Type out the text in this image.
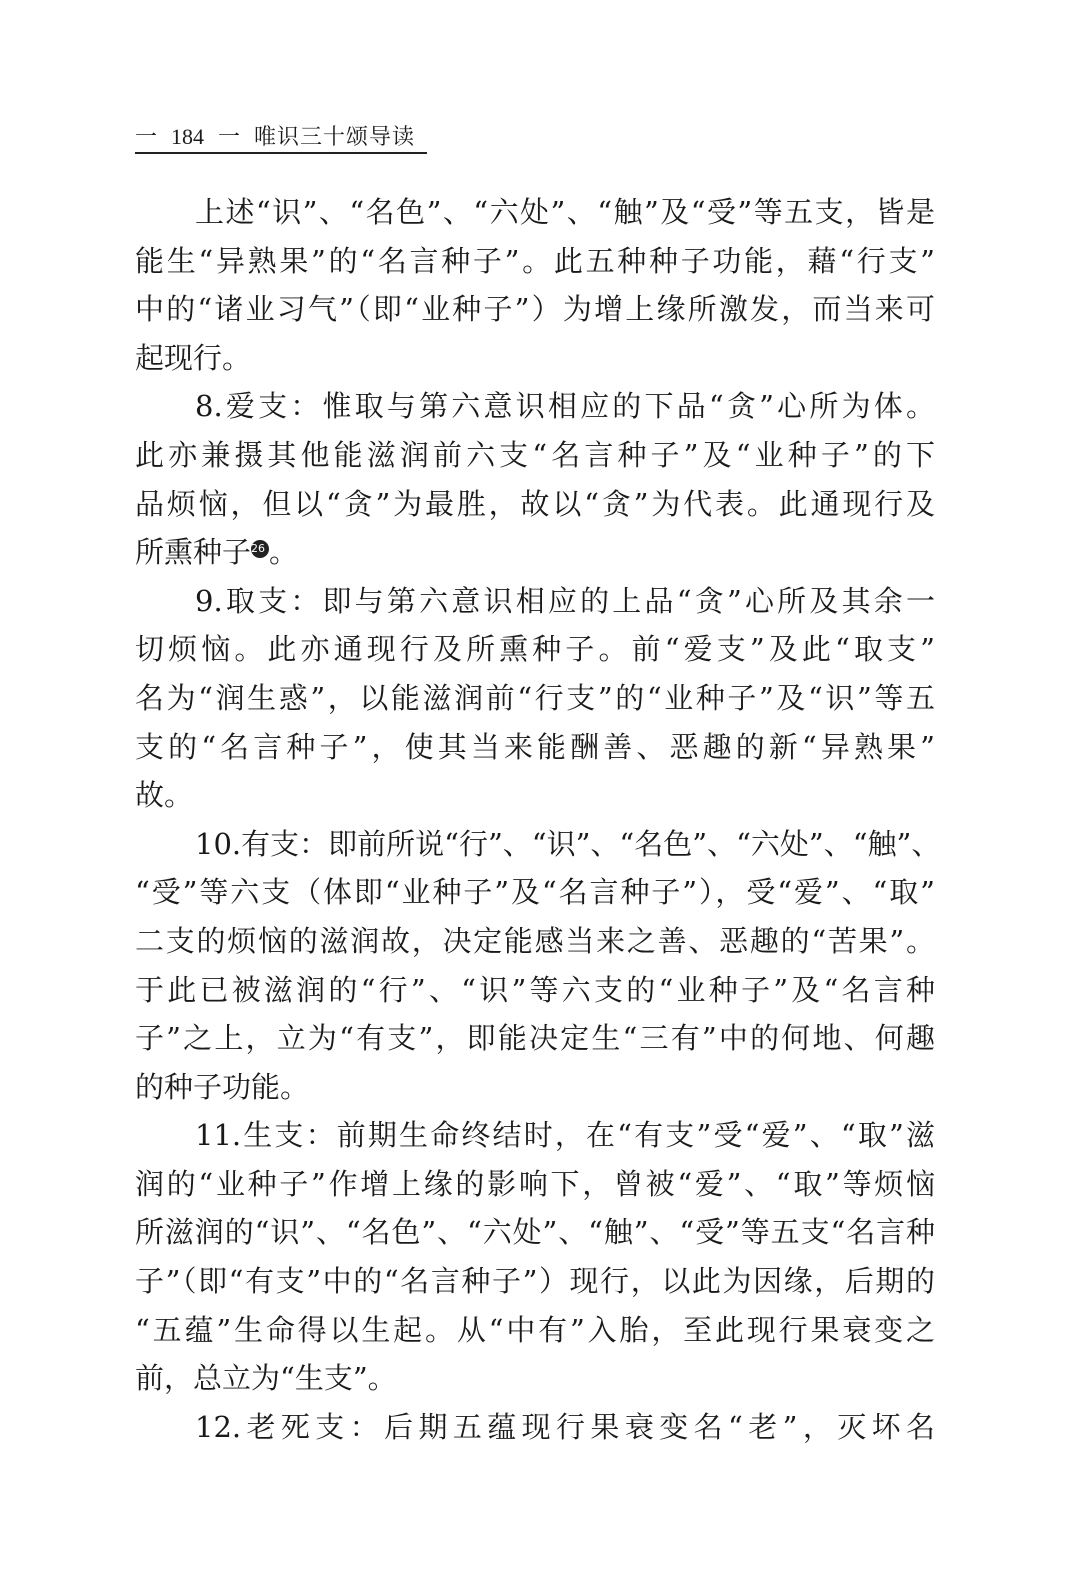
一 184 一 唯识三十颂导读
上述“识”、“名色”、“六处”、“触”及“受”等五支，皆是
能生“异熟果”的“名言种子”。此五种种子功能，藉“行支”
中的“诸业习气”（即“业种子”）为增上缘所激发，而当来可
起现行。
8.爱支：惟取与第六意识相应的下品“贪”心所为体。
此亦兼摄其他能滋润前六支“名言种子”及“业种子”的下
品烦恼，但以“贪”为最胜，故以“贪”为代表。此通现行及
所熏种子26 。
9.取支：即与第六意识相应的上品“贪”心所及其余一
切烦恼。此亦通现行及所熏种子。前“爱支”及此“取支”
名为“润生惑”，以能滋润前“行支”的“业种子”及“识”等五
支的“名言种子”，使其当来能酬善、恶趣的新“异熟果”
故。
10.有支：即前所说“行”、“识”、“名色”、“六处”、“触”、
“受”等六支（体即“业种子”及“名言种子”），受“爱”、“取”
二支的烦恼的滋润故，决定能感当来之善、恶趣的“苦果”。
于此已被滋润的“行”、“识”等六支的“业种子”及“名言种
子”之上，立为“有支”，即能决定生“三有”中的何地、何趣
的种子功能。
11.生支：前期生命终结时，在“有支”受“爱”、“取”滋
润的“业种子”作增上缘的影响下，曾被“爱”、“取”等烦恼
所滋润的“识”、“名色”、“六处”、“触”、“受”等五支“名言种
子”（即“有支”中的“名言种子”）现行，以此为因缘，后期的
“五蕴”生命得以生起。从“中有”入胎，至此现行果衰变之
前，总立为“生支”。
12.老死支：后期五蕴现行果衰变名“老”，灭坏名
